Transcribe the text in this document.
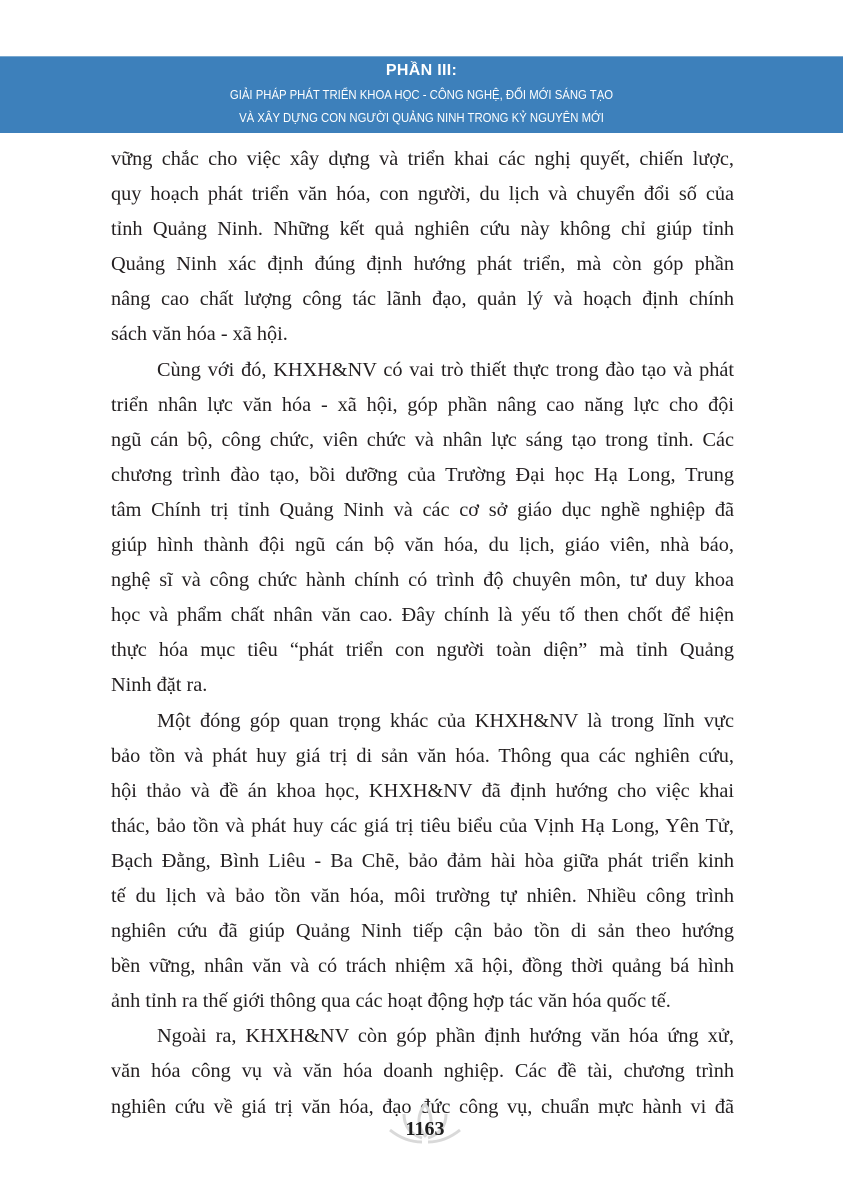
PHẦN III:
GIẢI PHÁP PHÁT TRIỂN KHOA HỌC - CÔNG NGHỆ, ĐỔI MỚI SÁNG TẠO
VÀ XÂY DỰNG CON NGƯỜI QUẢNG NINH TRONG KỶ NGUYÊN MỚI

vững chắc cho việc xây dựng và triển khai các nghị quyết, chiến lược,
quy hoạch phát triển văn hóa, con người, du lịch và chuyển đổi số của
tỉnh Quảng Ninh. Những kết quả nghiên cứu này không chỉ giúp tỉnh
Quảng Ninh xác định đúng định hướng phát triển, mà còn góp phần
nâng cao chất lượng công tác lãnh đạo, quản lý và hoạch định chính
sách văn hóa - xã hội.

Cùng với đó, KHXH&NV có vai trò thiết thực trong đào tạo và phát
triển nhân lực văn hóa - xã hội, góp phần nâng cao năng lực cho đội
ngũ cán bộ, công chức, viên chức và nhân lực sáng tạo trong tỉnh. Các
chương trình đào tạo, bồi dưỡng của Trường Đại học Hạ Long, Trung
tâm Chính trị tỉnh Quảng Ninh và các cơ sở giáo dục nghề nghiệp đã
giúp hình thành đội ngũ cán bộ văn hóa, du lịch, giáo viên, nhà báo,
nghệ sĩ và công chức hành chính có trình độ chuyên môn, tư duy khoa
học và phẩm chất nhân văn cao. Đây chính là yếu tố then chốt để hiện
thực hóa mục tiêu “phát triển con người toàn diện” mà tỉnh Quảng
Ninh đặt ra.

Một đóng góp quan trọng khác của KHXH&NV là trong lĩnh vực
bảo tồn và phát huy giá trị di sản văn hóa. Thông qua các nghiên cứu,
hội thảo và đề án khoa học, KHXH&NV đã định hướng cho việc khai
thác, bảo tồn và phát huy các giá trị tiêu biểu của Vịnh Hạ Long, Yên Tử,
Bạch Đằng, Bình Liêu - Ba Chẽ, bảo đảm hài hòa giữa phát triển kinh
tế du lịch và bảo tồn văn hóa, môi trường tự nhiên. Nhiều công trình
nghiên cứu đã giúp Quảng Ninh tiếp cận bảo tồn di sản theo hướng
bền vững, nhân văn và có trách nhiệm xã hội, đồng thời quảng bá hình
ảnh tỉnh ra thế giới thông qua các hoạt động hợp tác văn hóa quốc tế.

Ngoài ra, KHXH&NV còn góp phần định hướng văn hóa ứng xử,
văn hóa công vụ và văn hóa doanh nghiệp. Các đề tài, chương trình
nghiên cứu về giá trị văn hóa, đạo đức công vụ, chuẩn mực hành vi đã

1163
